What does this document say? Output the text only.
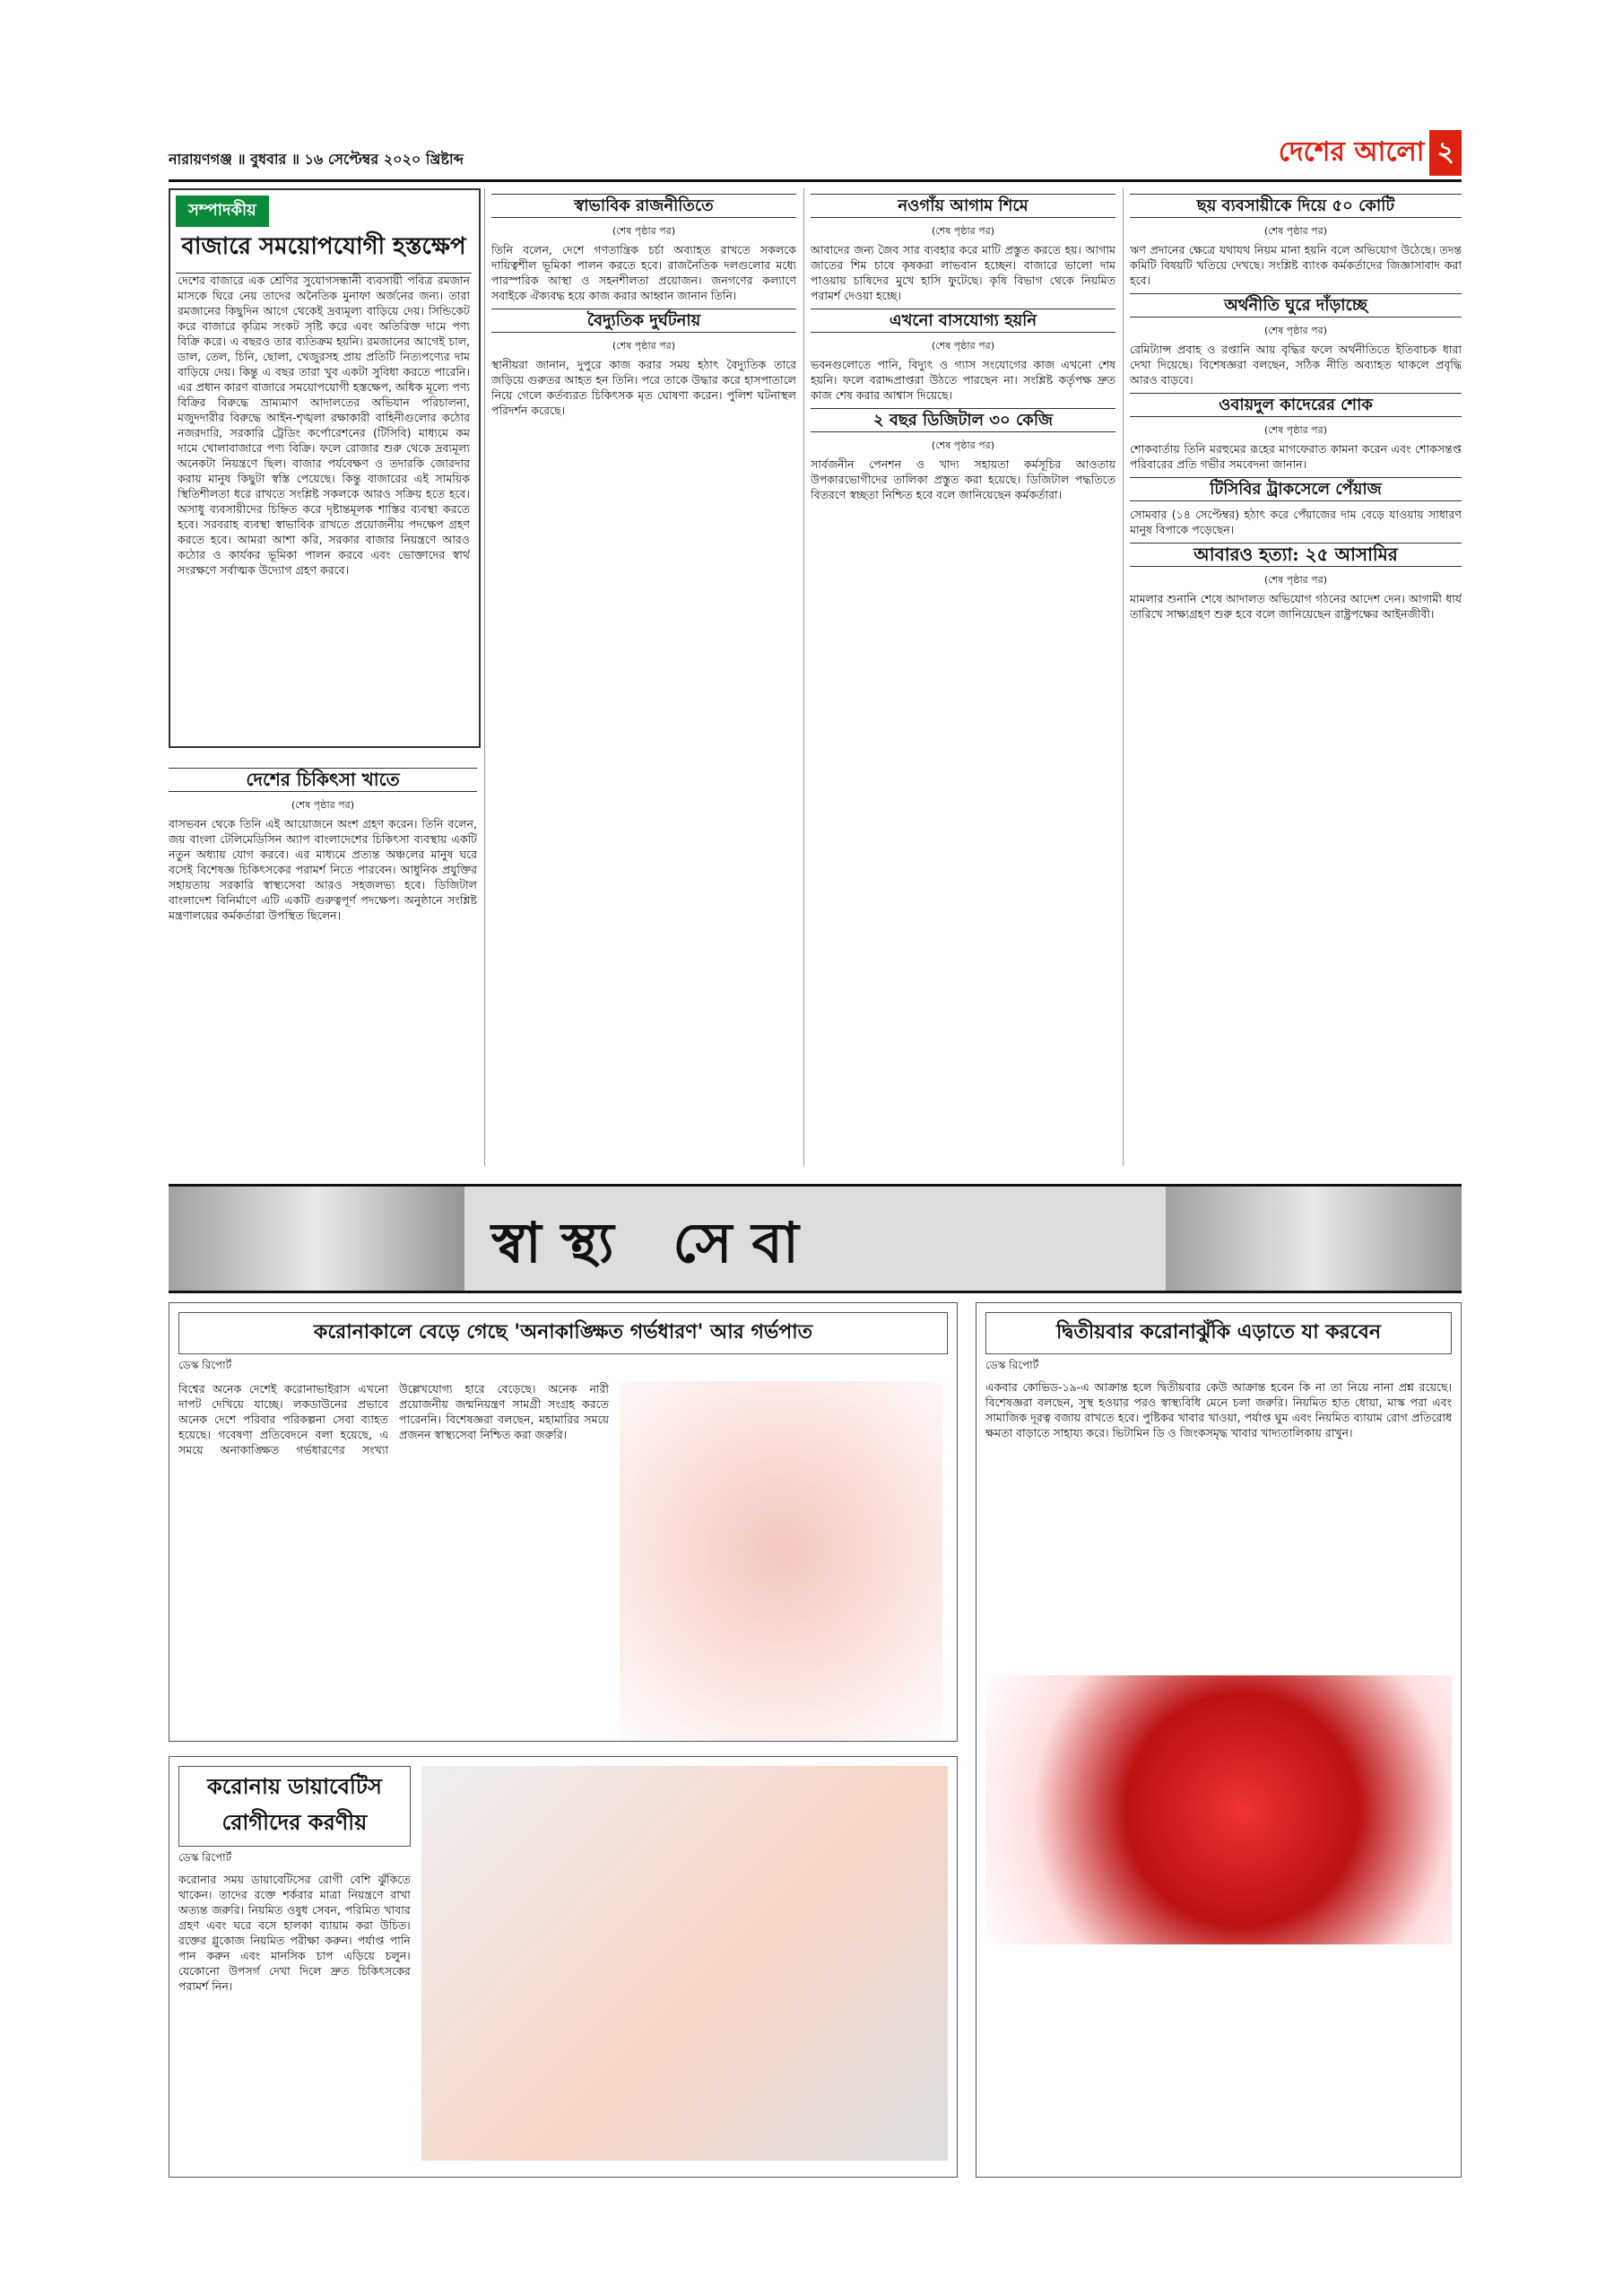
নারায়ণগঞ্জ ॥ বুধবার ॥ ১৬ সেপ্টেম্বর ২০২০ খ্রিষ্টাব্দ	দেশের আলো ২
সম্পাদকীয়
বাজারে সময়োপযোগী হস্তক্ষেপ
দেশের বাজারে এক শ্রেণির সুযোগসন্ধানী ব্যবসায়ী পবিত্র রমজান মাসকে ঘিরে নেয় তাদের অনৈতিক মুনাফা অর্জনের জন্য। তারা রমজানের কিছুদিন আগে থেকেই দ্রব্যমূল্য বাড়িয়ে দেয়। সিন্ডিকেট করে বাজারে কৃত্রিম সংকট সৃষ্টি করে এবং অতিরিক্ত দামে পণ্য বিক্রি করে। এ বছরও তার ব্যতিক্রম হয়নি। রমজানের আগেই চাল, ডাল, তেল, চিনি, ছোলা, খেজুরসহ প্রায় প্রতিটি নিত্যপণ্যের দাম বাড়িয়ে দেয়। কিন্তু এ বছর তারা খুব একটা সুবিধা করতে পারেনি। এর প্রধান কারণ বাজারে সময়োপযোগী হস্তক্ষেপ, অধিক মূল্যে পণ্য বিক্রির বিরুদ্ধে ভ্রাম্যমাণ আদালতের অভিযান পরিচালনা, মজুদদারীর বিরুদ্ধে আইন-শৃঙ্খলা রক্ষাকারী বাহিনীগুলোর কঠোর নজরদারি, সরকারি ট্রেডিং কর্পোরেশনের (টিসিবি) মাধ্যমে কম দামে খোলাবাজারে পণ্য বিক্রি। ফলে রোজার শুরু থেকে দ্রব্যমূল্য অনেকটা নিয়ন্ত্রণে ছিল। বাজার পর্যবেক্ষণ ও তদারকি জোরদার করায় মানুষ কিছুটা স্বস্তি পেয়েছে। কিন্তু বাজারের এই সাময়িক স্থিতিশীলতা ধরে রাখতে সংশ্লিষ্ট সকলকে আরও সক্রিয় হতে হবে। অসাধু ব্যবসায়ীদের চিহ্নিত করে দৃষ্টান্তমূলক শাস্তির ব্যবস্থা করতে হবে। সরবরাহ ব্যবস্থা স্বাভাবিক রাখতে প্রয়োজনীয় পদক্ষেপ গ্রহণ করতে হবে। আমরা আশা করি, সরকার বাজার নিয়ন্ত্রণে আরও কঠোর ও কার্যকর ভূমিকা পালন করবে এবং ভোক্তাদের স্বার্থ সংরক্ষণে সর্বাত্মক উদ্যোগ গ্রহণ করবে।
দেশের চিকিৎসা খাতে
(শেষ পৃষ্ঠার পর)

বাসভবন থেকে তিনি এই আয়োজনে অংশ গ্রহণ করেন। তিনি বলেন, জয় বাংলা টেলিমেডিসিন অ্যাপ বাংলাদেশের চিকিৎসা ব্যবস্থায় একটি নতুন অধ্যায় যোগ করবে। এর মাধ্যমে প্রত্যন্ত অঞ্চলের মানুষ ঘরে বসেই বিশেষজ্ঞ চিকিৎসকের পরামর্শ নিতে পারবেন। আধুনিক প্রযুক্তির সহায়তায় সরকারি স্বাস্থ্যসেবা আরও সহজলভ্য হবে। ডিজিটাল বাংলাদেশ বিনির্মাণে এটি একটি গুরুত্বপূর্ণ পদক্ষেপ। অনুষ্ঠানে সংশ্লিষ্ট মন্ত্রণালয়ের কর্মকর্তারা উপস্থিত ছিলেন।

স্বাভাবিক রাজনীতিতে
(শেষ পৃষ্ঠার পর)

তিনি বলেন, দেশে গণতান্ত্রিক চর্চা অব্যাহত রাখতে সকলকে দায়িত্বশীল ভূমিকা পালন করতে হবে। রাজনৈতিক দলগুলোর মধ্যে পারস্পরিক আস্থা ও সহনশীলতা প্রয়োজন। জনগণের কল্যাণে সবাইকে ঐক্যবদ্ধ হয়ে কাজ করার আহ্বান জানান তিনি।

বৈদ্যুতিক দুর্ঘটনায়
(শেষ পৃষ্ঠার পর)

স্থানীয়রা জানান, দুপুরে কাজ করার সময় হঠাৎ বৈদ্যুতিক তারে জড়িয়ে গুরুতর আহত হন তিনি। পরে তাকে উদ্ধার করে হাসপাতালে নিয়ে গেলে কর্তব্যরত চিকিৎসক মৃত ঘোষণা করেন। পুলিশ ঘটনাস্থল পরিদর্শন করেছে।

নওগাঁয় আগাম শিমে
(শেষ পৃষ্ঠার পর)

আবাদের জন্য জৈব সার ব্যবহার করে মাটি প্রস্তুত করতে হয়। আগাম জাতের শিম চাষে কৃষকরা লাভবান হচ্ছেন। বাজারে ভালো দাম পাওয়ায় চাষিদের মুখে হাসি ফুটেছে। কৃষি বিভাগ থেকে নিয়মিত পরামর্শ দেওয়া হচ্ছে।

এখনো বাসযোগ্য হয়নি
(শেষ পৃষ্ঠার পর)

ভবনগুলোতে পানি, বিদ্যুৎ ও গ্যাস সংযোগের কাজ এখনো শেষ হয়নি। ফলে বরাদ্দপ্রাপ্তরা উঠতে পারছেন না। সংশ্লিষ্ট কর্তৃপক্ষ দ্রুত কাজ শেষ করার আশ্বাস দিয়েছে।

২ বছর ডিজিটাল ৩০ কেজি
(শেষ পৃষ্ঠার পর)

সার্বজনীন পেনশন ও খাদ্য সহায়তা কর্মসূচির আওতায় উপকারভোগীদের তালিকা প্রস্তুত করা হয়েছে। ডিজিটাল পদ্ধতিতে বিতরণে স্বচ্ছতা নিশ্চিত হবে বলে জানিয়েছেন কর্মকর্তারা।

ছয় ব্যবসায়ীকে দিয়ে ৫০ কোটি
(শেষ পৃষ্ঠার পর)

ঋণ প্রদানের ক্ষেত্রে যথাযথ নিয়ম মানা হয়নি বলে অভিযোগ উঠেছে। তদন্ত কমিটি বিষয়টি খতিয়ে দেখছে। সংশ্লিষ্ট ব্যাংক কর্মকর্তাদের জিজ্ঞাসাবাদ করা হবে।

অর্থনীতি ঘুরে দাঁড়াচ্ছে
(শেষ পৃষ্ঠার পর)

রেমিট্যান্স প্রবাহ ও রপ্তানি আয় বৃদ্ধির ফলে অর্থনীতিতে ইতিবাচক ধারা দেখা দিয়েছে। বিশেষজ্ঞরা বলছেন, সঠিক নীতি অব্যাহত থাকলে প্রবৃদ্ধি আরও বাড়বে।

ওবায়দুল কাদেরের শোক
(শেষ পৃষ্ঠার পর)

শোকবার্তায় তিনি মরহুমের রূহের মাগফেরাত কামনা করেন এবং শোকসন্তপ্ত পরিবারের প্রতি গভীর সমবেদনা জানান।

টিসিবির ট্রাকসেলে পেঁয়াজ

সোমবার (১৪ সেপ্টেম্বর) হঠাৎ করে পেঁয়াজের দাম বেড়ে যাওয়ায় সাধারণ মানুষ বিপাকে পড়েছেন।

আবারও হত্যা: ২৫ আসামির
(শেষ পৃষ্ঠার পর)

মামলার শুনানি শেষে আদালত অভিযোগ গঠনের আদেশ দেন। আগামী ধার্য তারিখে সাক্ষ্যগ্রহণ শুরু হবে বলে জানিয়েছেন রাষ্ট্রপক্ষের আইনজীবী।

স্বাস্থ্য সেবা
করোনাকালে বেড়ে গেছে 'অনাকাঙ্ক্ষিত গর্ভধারণ' আর গর্ভপাত
ডেস্ক রিপোর্ট
বিশ্বের অনেক দেশেই করোনাভাইরাস এখনো দাপট দেখিয়ে যাচ্ছে। লকডাউনের প্রভাবে অনেক দেশে পরিবার পরিকল্পনা সেবা ব্যাহত হয়েছে। গবেষণা প্রতিবেদনে বলা হয়েছে, এ সময়ে অনাকাঙ্ক্ষিত গর্ভধারণের সংখ্যা উল্লেখযোগ্য হারে বেড়েছে। অনেক নারী প্রয়োজনীয় জন্মনিয়ন্ত্রণ সামগ্রী সংগ্রহ করতে পারেননি। বিশেষজ্ঞরা বলছেন, মহামারির সময়ে প্রজনন স্বাস্থ্যসেবা নিশ্চিত করা জরুরি।
দ্বিতীয়বার করোনাঝুঁকি এড়াতে যা করবেন
ডেস্ক রিপোর্ট
একবার কোভিড-১৯-এ আক্রান্ত হলে দ্বিতীয়বার কেউ আক্রান্ত হবেন কি না তা নিয়ে নানা প্রশ্ন রয়েছে। বিশেষজ্ঞরা বলছেন, সুস্থ হওয়ার পরও স্বাস্থ্যবিধি মেনে চলা জরুরি। নিয়মিত হাত ধোয়া, মাস্ক পরা এবং সামাজিক দূরত্ব বজায় রাখতে হবে। পুষ্টিকর খাবার খাওয়া, পর্যাপ্ত ঘুম এবং নিয়মিত ব্যায়াম রোগ প্রতিরোধ ক্ষমতা বাড়াতে সাহায্য করে। ভিটামিন ডি ও জিংকসমৃদ্ধ খাবার খাদ্যতালিকায় রাখুন।
করোনায় ডায়াবেটিস রোগীদের করণীয়
ডেস্ক রিপোর্ট
করোনার সময় ডায়াবেটিসের রোগী বেশি ঝুঁকিতে থাকেন। তাদের রক্তে শর্করার মাত্রা নিয়ন্ত্রণে রাখা অত্যন্ত জরুরি। নিয়মিত ওষুধ সেবন, পরিমিত খাবার গ্রহণ এবং ঘরে বসে হালকা ব্যায়াম করা উচিত। রক্তের গ্লুকোজ নিয়মিত পরীক্ষা করুন। পর্যাপ্ত পানি পান করুন এবং মানসিক চাপ এড়িয়ে চলুন। যেকোনো উপসর্গ দেখা দিলে দ্রুত চিকিৎসকের পরামর্শ নিন।
